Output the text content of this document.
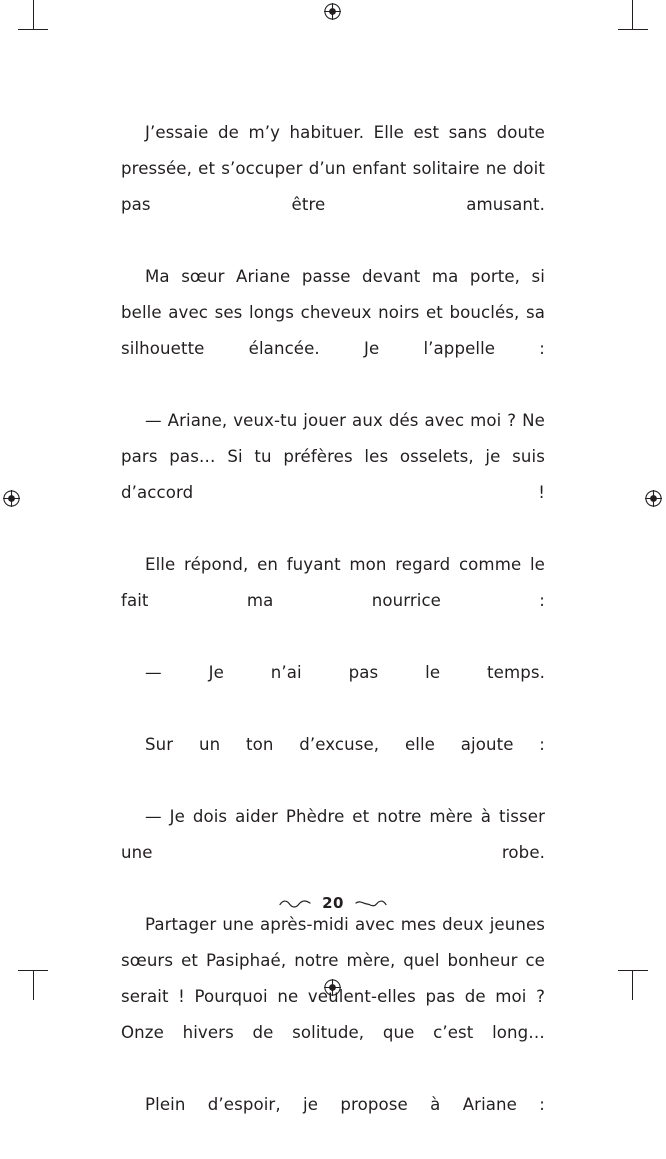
J’essaie de m’y habituer. Elle est sans doute pressée, et s’occuper d’un enfant solitaire ne doit pas être amusant.

Ma sœur Ariane passe devant ma porte, si belle avec ses longs cheveux noirs et bouclés, sa silhouette élancée. Je l’appelle :

— Ariane, veux-tu jouer aux dés avec moi ? Ne pars pas… Si tu préfères les osselets, je suis d’accord !

Elle répond, en fuyant mon regard comme le fait ma nourrice :

— Je n’ai pas le temps.

Sur un ton d’excuse, elle ajoute :

— Je dois aider Phèdre et notre mère à tisser une robe.

Partager une après-midi avec mes deux jeunes sœurs et Pasiphaé, notre mère, quel bonheur ce serait ! Pourquoi ne veulent-elles pas de moi ? Onze hivers de solitude, que c’est long…

Plein d’espoir, je propose à Ariane :

20
